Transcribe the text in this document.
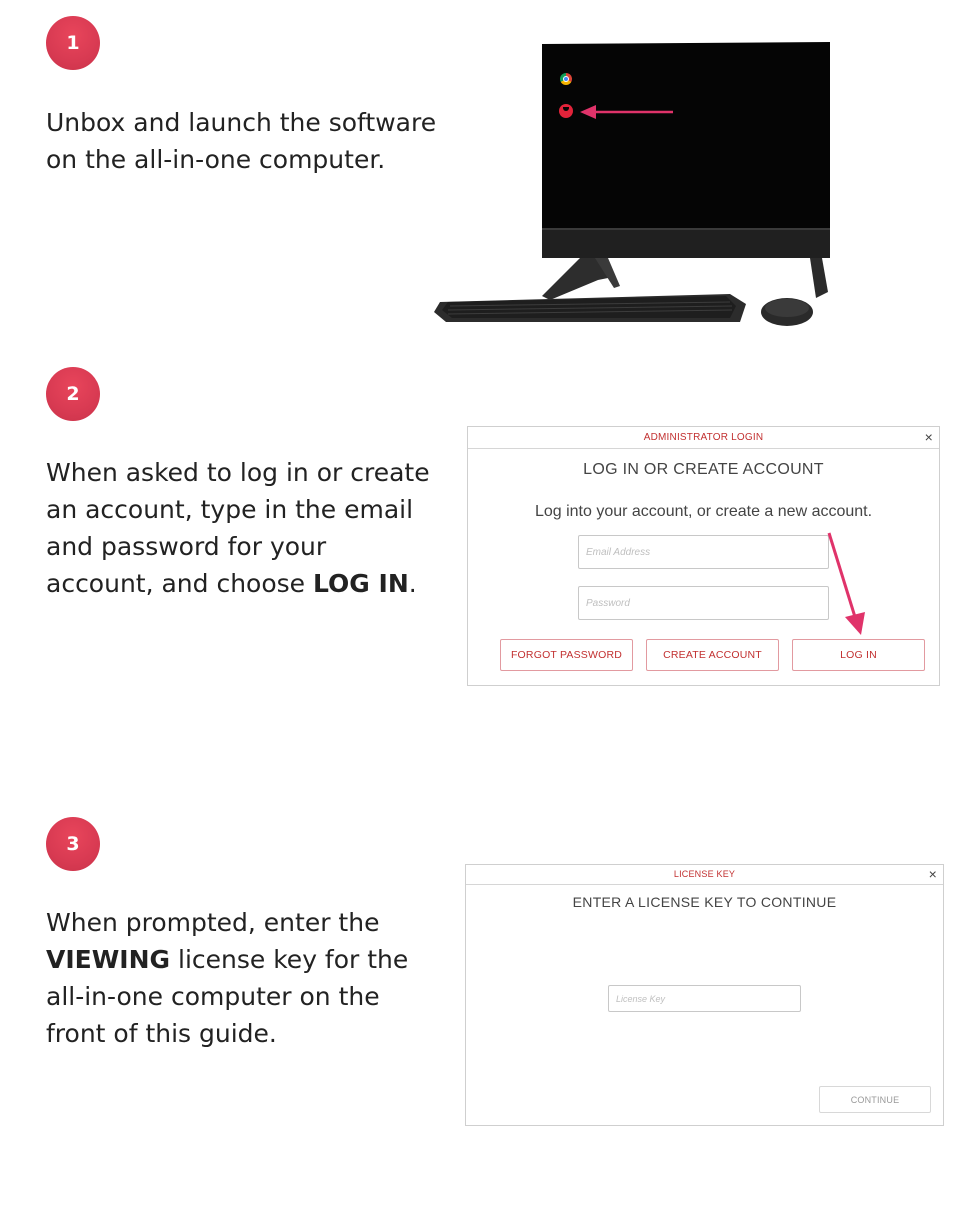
1
Unbox and launch the software
on the all-in-one computer.
2
When asked to log in or create
an account, type in the email
and password for your
account, and choose LOG IN.
ADMINISTRATOR LOGIN	×
LOG IN OR CREATE ACCOUNT
Log into your account, or create a new account.
Email Address
Password
FORGOT PASSWORD	CREATE ACCOUNT	LOG IN
3
When prompted, enter the
VIEWING license key for the
all-in-one computer on the
front of this guide.
LICENSE KEY	×
ENTER A LICENSE KEY TO CONTINUE
License Key
CONTINUE
